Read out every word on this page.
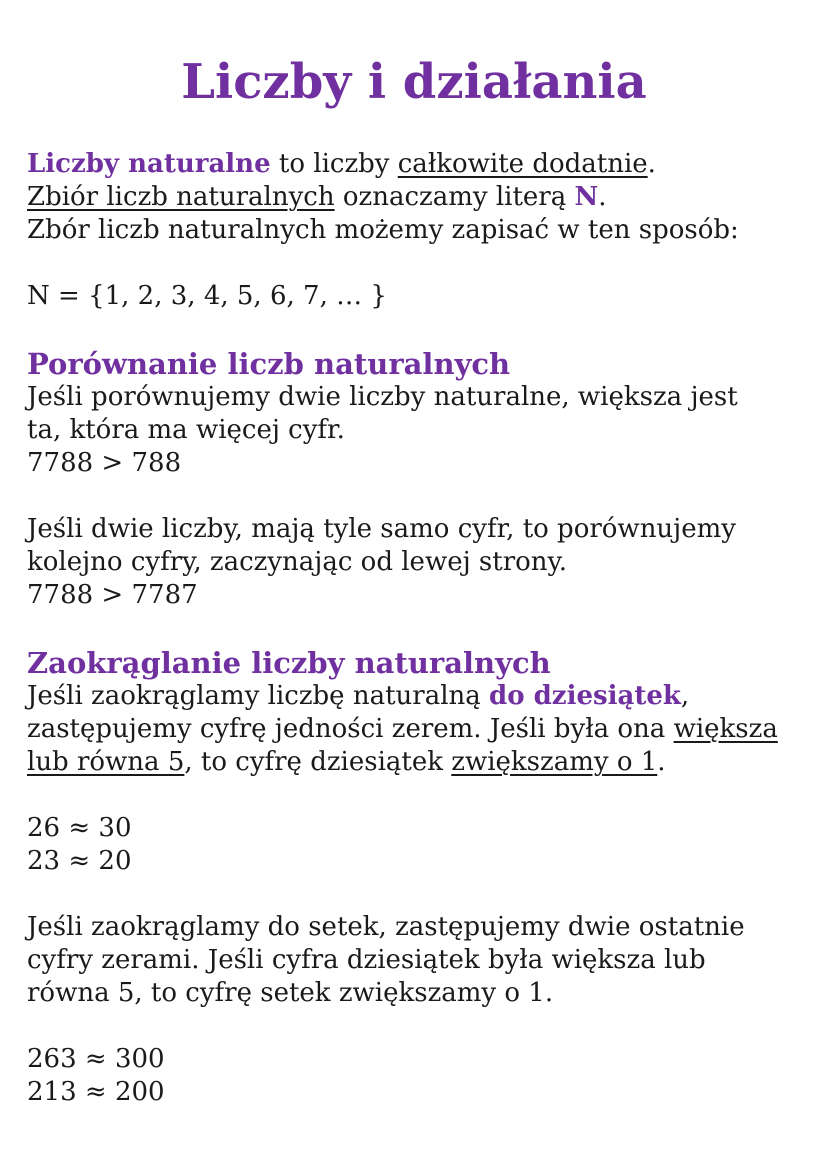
Liczby i działania

Liczby naturalne to liczby całkowite dodatnie.

Zbiór liczb naturalnych oznaczamy literą N.

Zbór liczb naturalnych możemy zapisać w ten sposób:

N = {1, 2, 3, 4, 5, 6, 7, … }

Porównanie liczb naturalnych

Jeśli porównujemy dwie liczby naturalne, większa jest

ta, która ma więcej cyfr.

7788 > 788

Jeśli dwie liczby, mają tyle samo cyfr, to porównujemy

kolejno cyfry, zaczynając od lewej strony.

7788 > 7787

Zaokrąglanie liczby naturalnych

Jeśli zaokrąglamy liczbę naturalną do dziesiątek,

zastępujemy cyfrę jedności zerem. Jeśli była ona większa

lub równa 5, to cyfrę dziesiątek zwiększamy o 1.

26 ≈ 30

23 ≈ 20

Jeśli zaokrąglamy do setek, zastępujemy dwie ostatnie

cyfry zerami. Jeśli cyfra dziesiątek była większa lub

równa 5, to cyfrę setek zwiększamy o 1.

263 ≈ 300

213 ≈ 200
